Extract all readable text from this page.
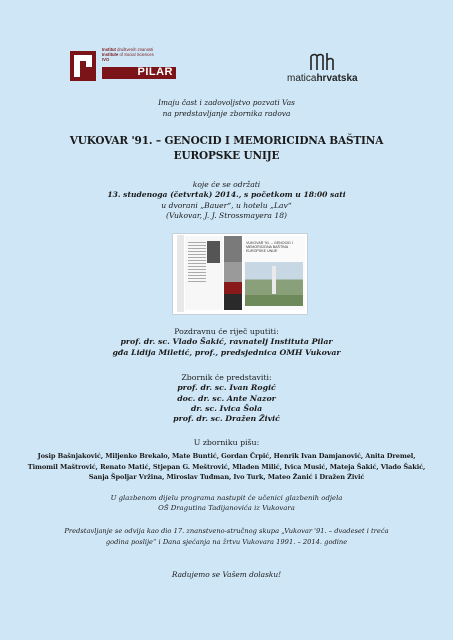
Institut društvenih znanosti
Institute of Social Sciences
IVO
PILAR
maticahrvatska
Imaju čast i zadovoljstvo pozvati Vas
na predstavljanje zbornika radova
VUKOVAR '91. – GENOCID I MEMORICIDNA BAŠTINA
EUROPSKE UNIJE
koje će se održati
13. studenoga (četvrtak) 2014., s početkom u 18:00 sati
u dvorani „Bauer“, u hotelu „Lav“
(Vukovar, J. J. Strossmayera 18)
VUKOVAR '91. – GENOCID I MEMORICIDNA BAŠTINA EUROPSKE UNIJE
Pozdravnu će riječ uputiti:
prof. dr. sc. Vlado Šakić, ravnatelj Instituta Pilar
gđa Lidija Miletić, prof., predsjednica OMH Vukovar
Zbornik će predstaviti:
prof. dr. sc. Ivan Rogić
doc. dr. sc. Ante Nazor
dr. sc. Ivica Šola
prof. dr. sc. Dražen Živić
U zborniku pišu:
Josip Bašnjaković, Miljenko Brekalo, Mate Buntić, Gordan Črpić, Henrik Ivan Damjanović, Anita Dremel, Timomil Maštrović, Renato Matić, Stjepan G. Meštrović, Mladen Milić, Ivica Musić, Mateja Šakić, Vlado Šakić, Sanja Špoljar Vržina, Miroslav Tuđman, Ivo Turk, Mateo Žanić i Dražen Živić
U glazbenom dijelu programa nastupit će učenici glazbenih odjela
OŠ Dragutina Tadijanovića iz Vukovara
Predstavljanje se odvija kao dio 17. znanstveno-stručnog skupa „Vukovar '91. – dvadeset i treća
godina poslije“ i Dana sjećanja na žrtvu Vukovara 1991. – 2014. godine
Radujemo se Vašem dolasku!
